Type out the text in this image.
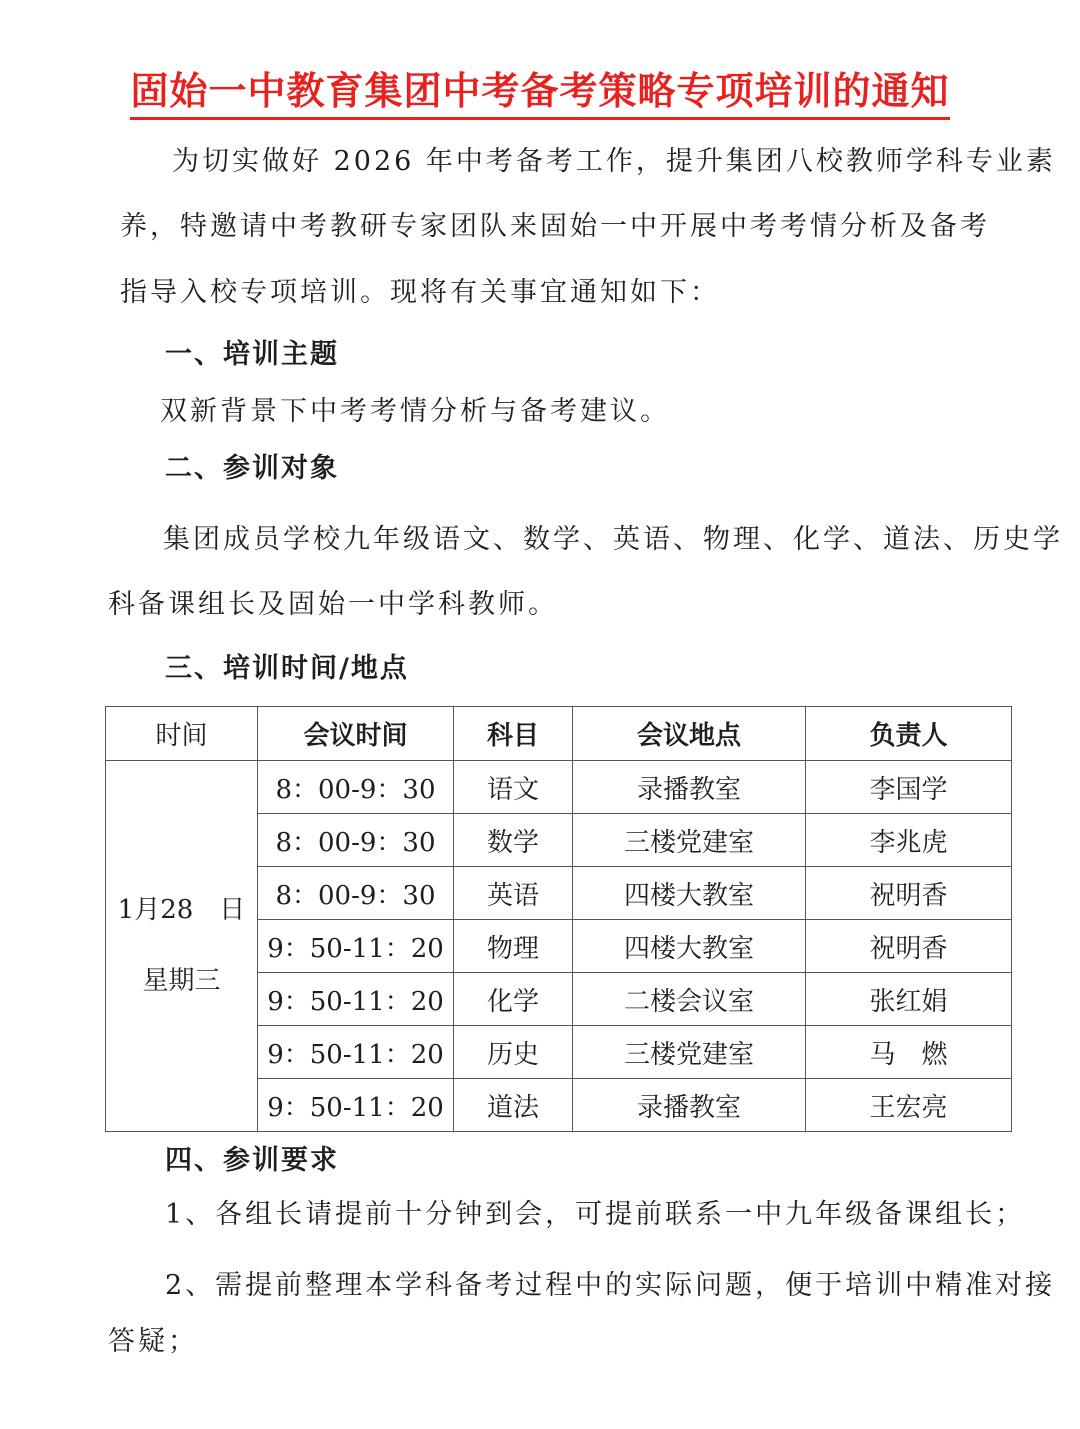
固始一中教育集团中考备考策略专项培训的通知
为切实做好 2026 年中考备考工作，提升集团八校教师学科专业素
养，特邀请中考教研专家团队来固始一中开展中考考情分析及备考
指导入校专项培训。现将有关事宜通知如下：
一、培训主题
双新背景下中考考情分析与备考建议。
二、参训对象
集团成员学校九年级语文、数学、英语、物理、化学、道法、历史学
科备课组长及固始一中学科教师。
三、培训时间/地点
时间	会议时间	科目	会议地点	负责人

1月28　日
星期三	8：00-9：30	语文	录播教室	李国学
	8：00-9：30	数学	三楼党建室	李兆虎
	8：00-9：30	英语	四楼大教室	祝明香
	9：50-11：20	物理	四楼大教室	祝明香
	9：50-11：20	化学	二楼会议室	张红娟
	9：50-11：20	历史	三楼党建室	马　燃
	9：50-11：20	道法	录播教室	王宏亮
四、参训要求
1、各组长请提前十分钟到会，可提前联系一中九年级备课组长；
2、需提前整理本学科备考过程中的实际问题，便于培训中精准对接
答疑；
